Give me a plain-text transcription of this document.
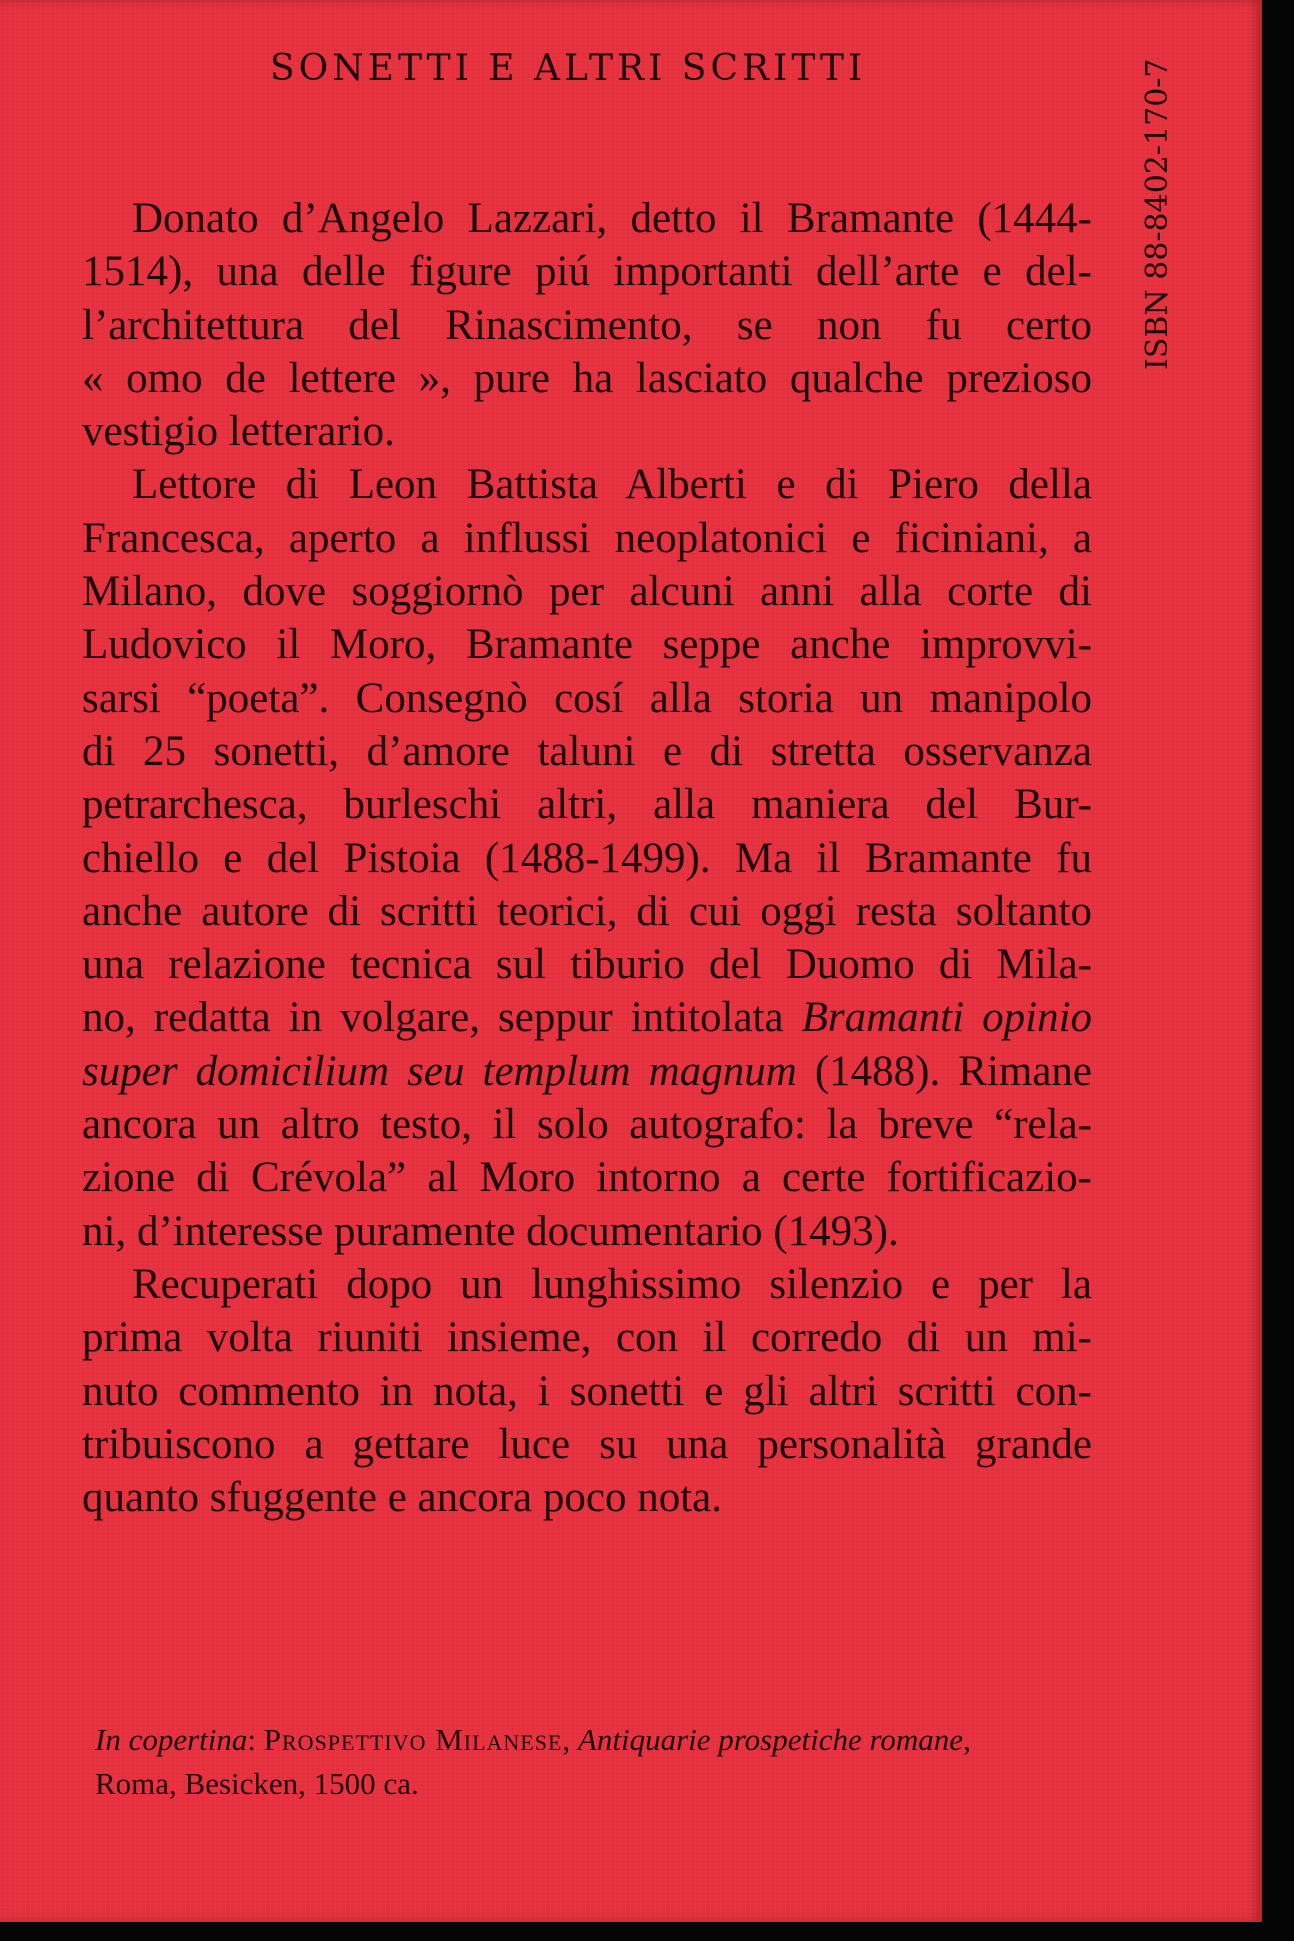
SONETTI E ALTRI SCRITTI	ISBN 88-8402-170-7
Donato d’Angelo Lazzari, detto il Bramante (1444-
1514), una delle figure piú importanti dell’arte e del-
l’architettura del Rinascimento, se non fu certo
« omo de lettere », pure ha lasciato qualche prezioso
vestigio letterario.
Lettore di Leon Battista Alberti e di Piero della
Francesca, aperto a influssi neoplatonici e ficiniani, a
Milano, dove soggiornò per alcuni anni alla corte di
Ludovico il Moro, Bramante seppe anche improvvi-
sarsi “poeta”. Consegnò cosí alla storia un manipolo
di 25 sonetti, d’amore taluni e di stretta osservanza
petrarchesca, burleschi altri, alla maniera del Bur-
chiello e del Pistoia (1488-1499). Ma il Bramante fu
anche autore di scritti teorici, di cui oggi resta soltanto
una relazione tecnica sul tiburio del Duomo di Mila-
no, redatta in volgare, seppur intitolata Bramanti opinio
super domicilium seu templum magnum (1488). Rimane
ancora un altro testo, il solo autografo: la breve “rela-
zione di Crévola” al Moro intorno a certe fortificazio-
ni, d’interesse puramente documentario (1493).
Recuperati dopo un lunghissimo silenzio e per la
prima volta riuniti insieme, con il corredo di un mi-
nuto commento in nota, i sonetti e gli altri scritti con-
tribuiscono a gettare luce su una personalità grande
quanto sfuggente e ancora poco nota.
In copertina: Prospettivo Milanese, Antiquarie prospetiche romane,
Roma, Besicken, 1500 ca.
